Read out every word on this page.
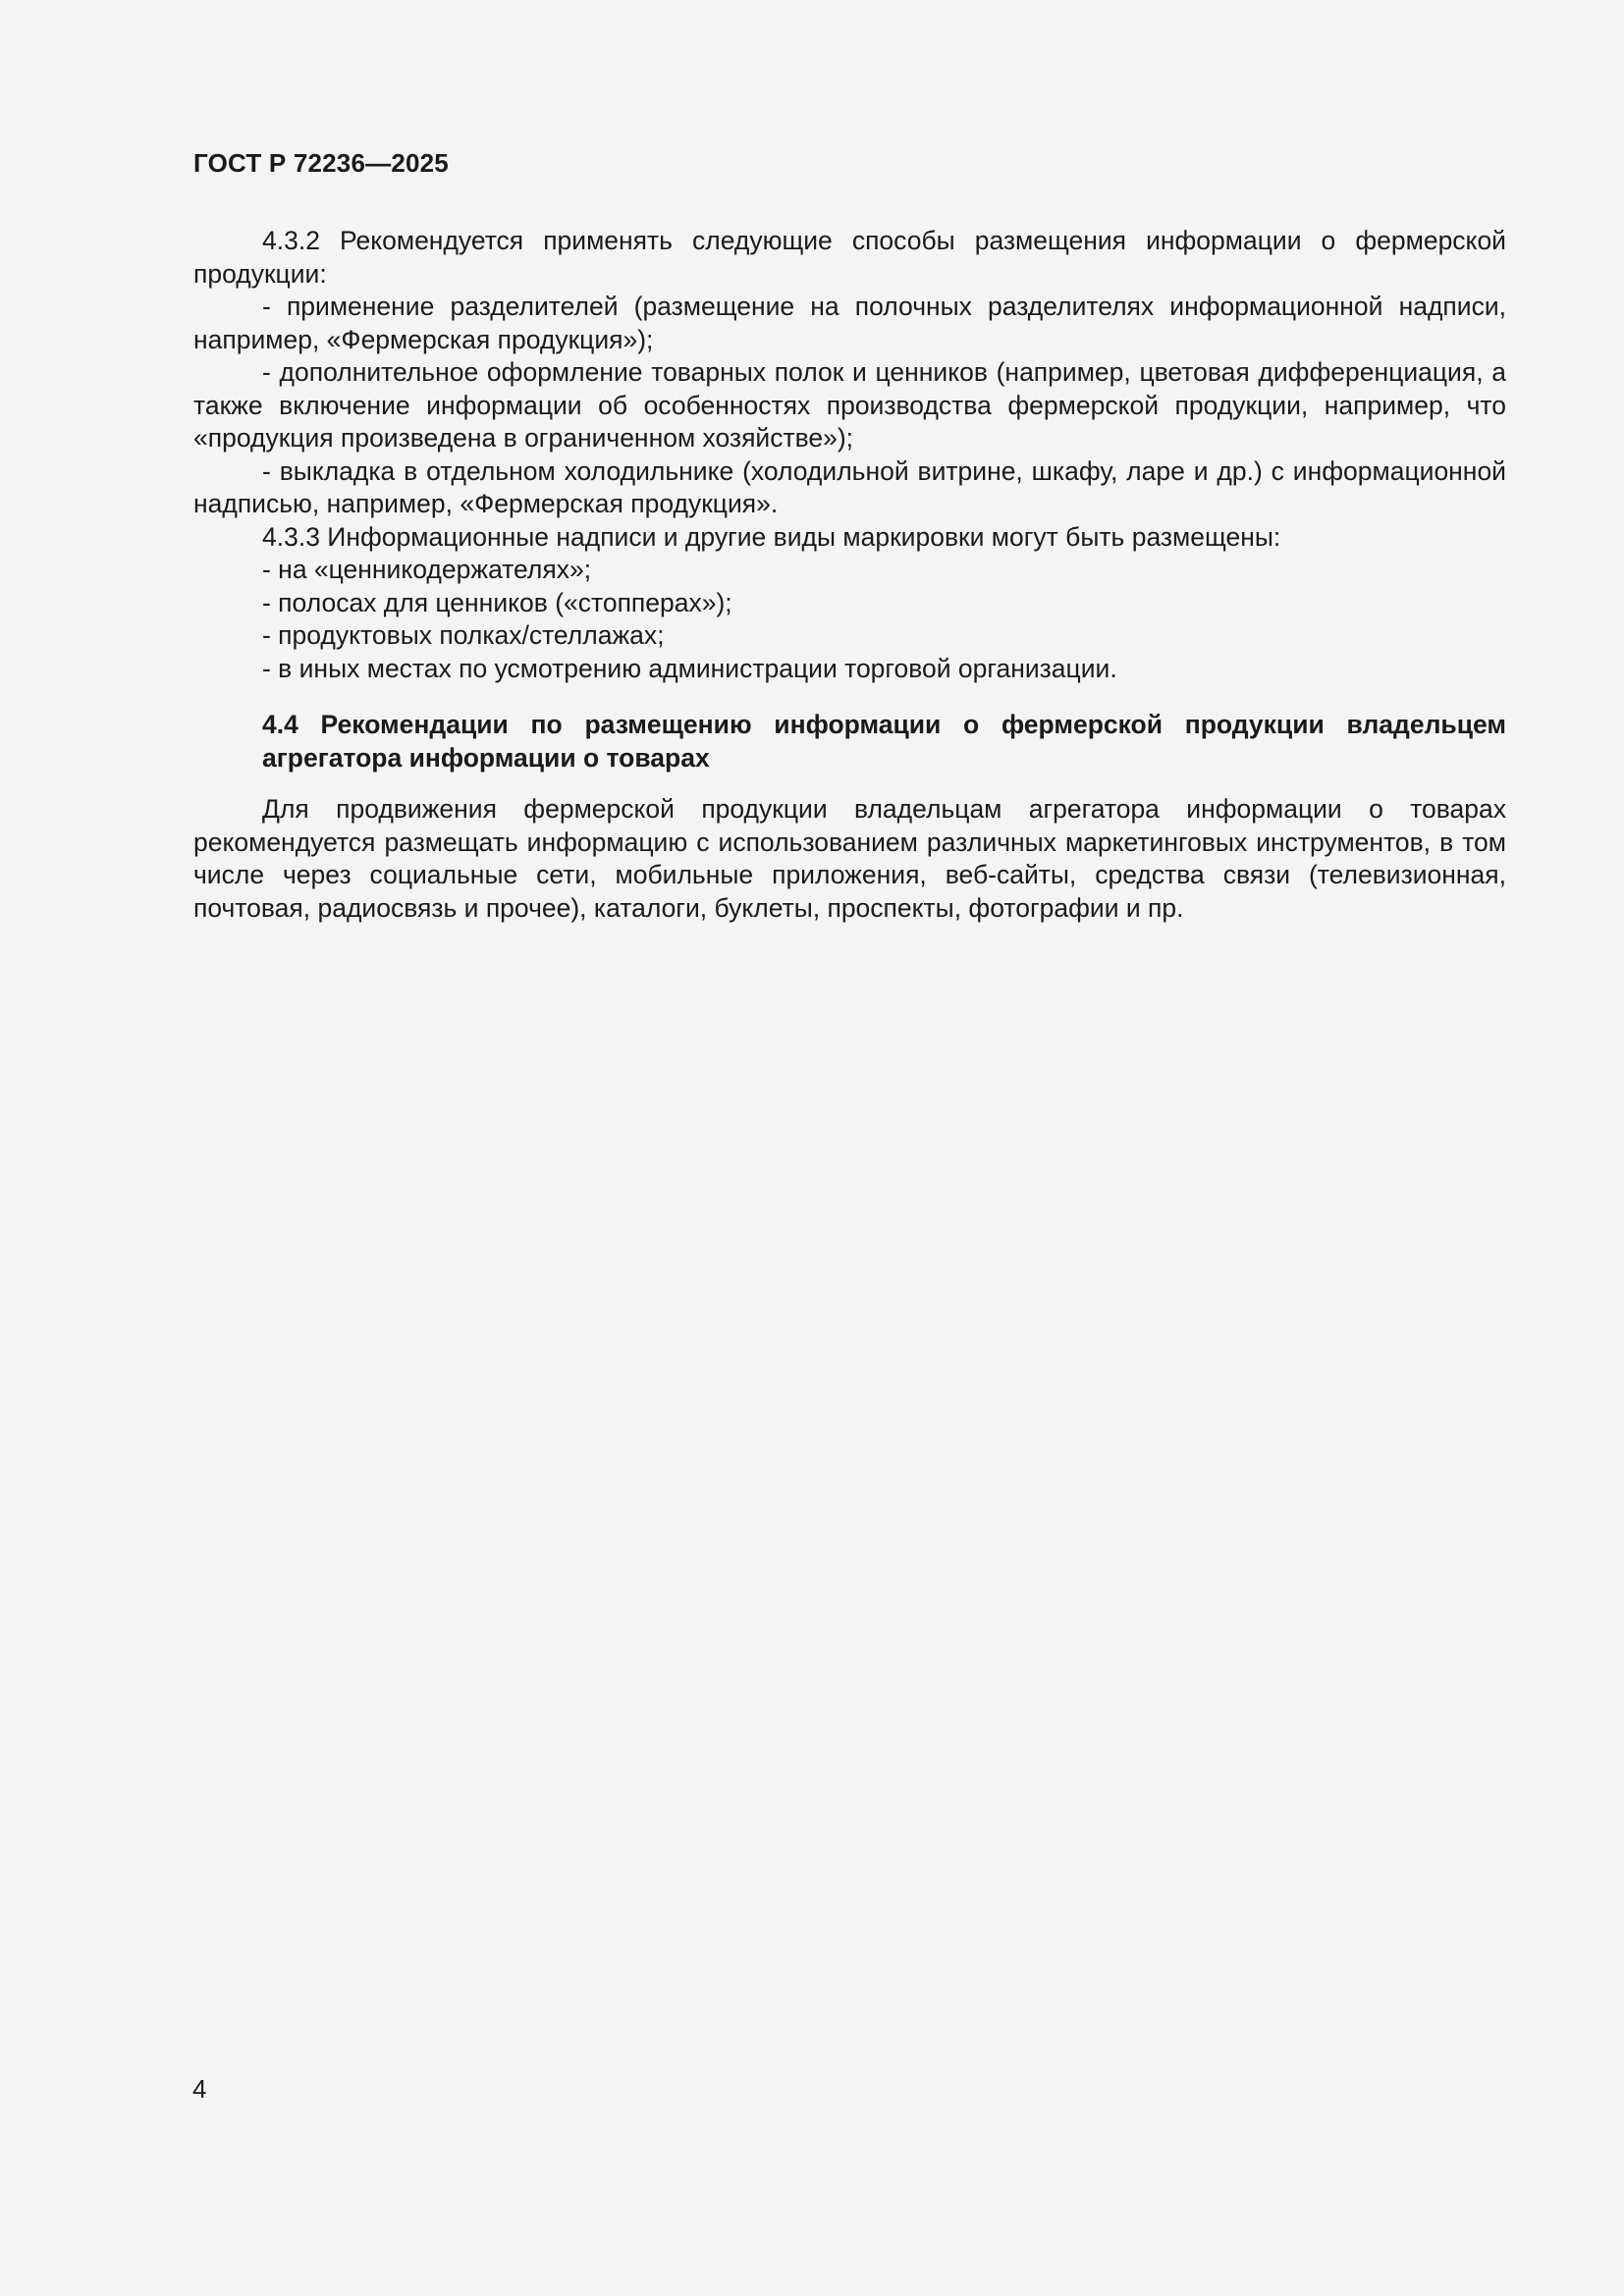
ГОСТ Р 72236—2025

4.3.2 Рекомендуется применять следующие способы размещения информации о фермерской продукции:

- применение разделителей (размещение на полочных разделителях информационной надписи, например, «Фермерская продукция»);

- дополнительное оформление товарных полок и ценников (например, цветовая дифференциация, а также включение информации об особенностях производства фермерской продукции, например, что «продукция произведена в ограниченном хозяйстве»);

- выкладка в отдельном холодильнике (холодильной витрине, шкафу, ларе и др.) с информационной надписью, например, «Фермерская продукция».

4.3.3 Информационные надписи и другие виды маркировки могут быть размещены:

- на «ценникодержателях»;

- полосах для ценников («стопперах»);

- продуктовых полках/стеллажах;

- в иных местах по усмотрению администрации торговой организации.

4.4 Рекомендации по размещению информации о фермерской продукции владельцем агрегатора информации о товарах

Для продвижения фермерской продукции владельцам агрегатора информации о товарах рекомендуется размещать информацию с использованием различных маркетинговых инструментов, в том числе через социальные сети, мобильные приложения, веб-сайты, средства связи (телевизионная, почтовая, радиосвязь и прочее), каталоги, буклеты, проспекты, фотографии и пр.

4
